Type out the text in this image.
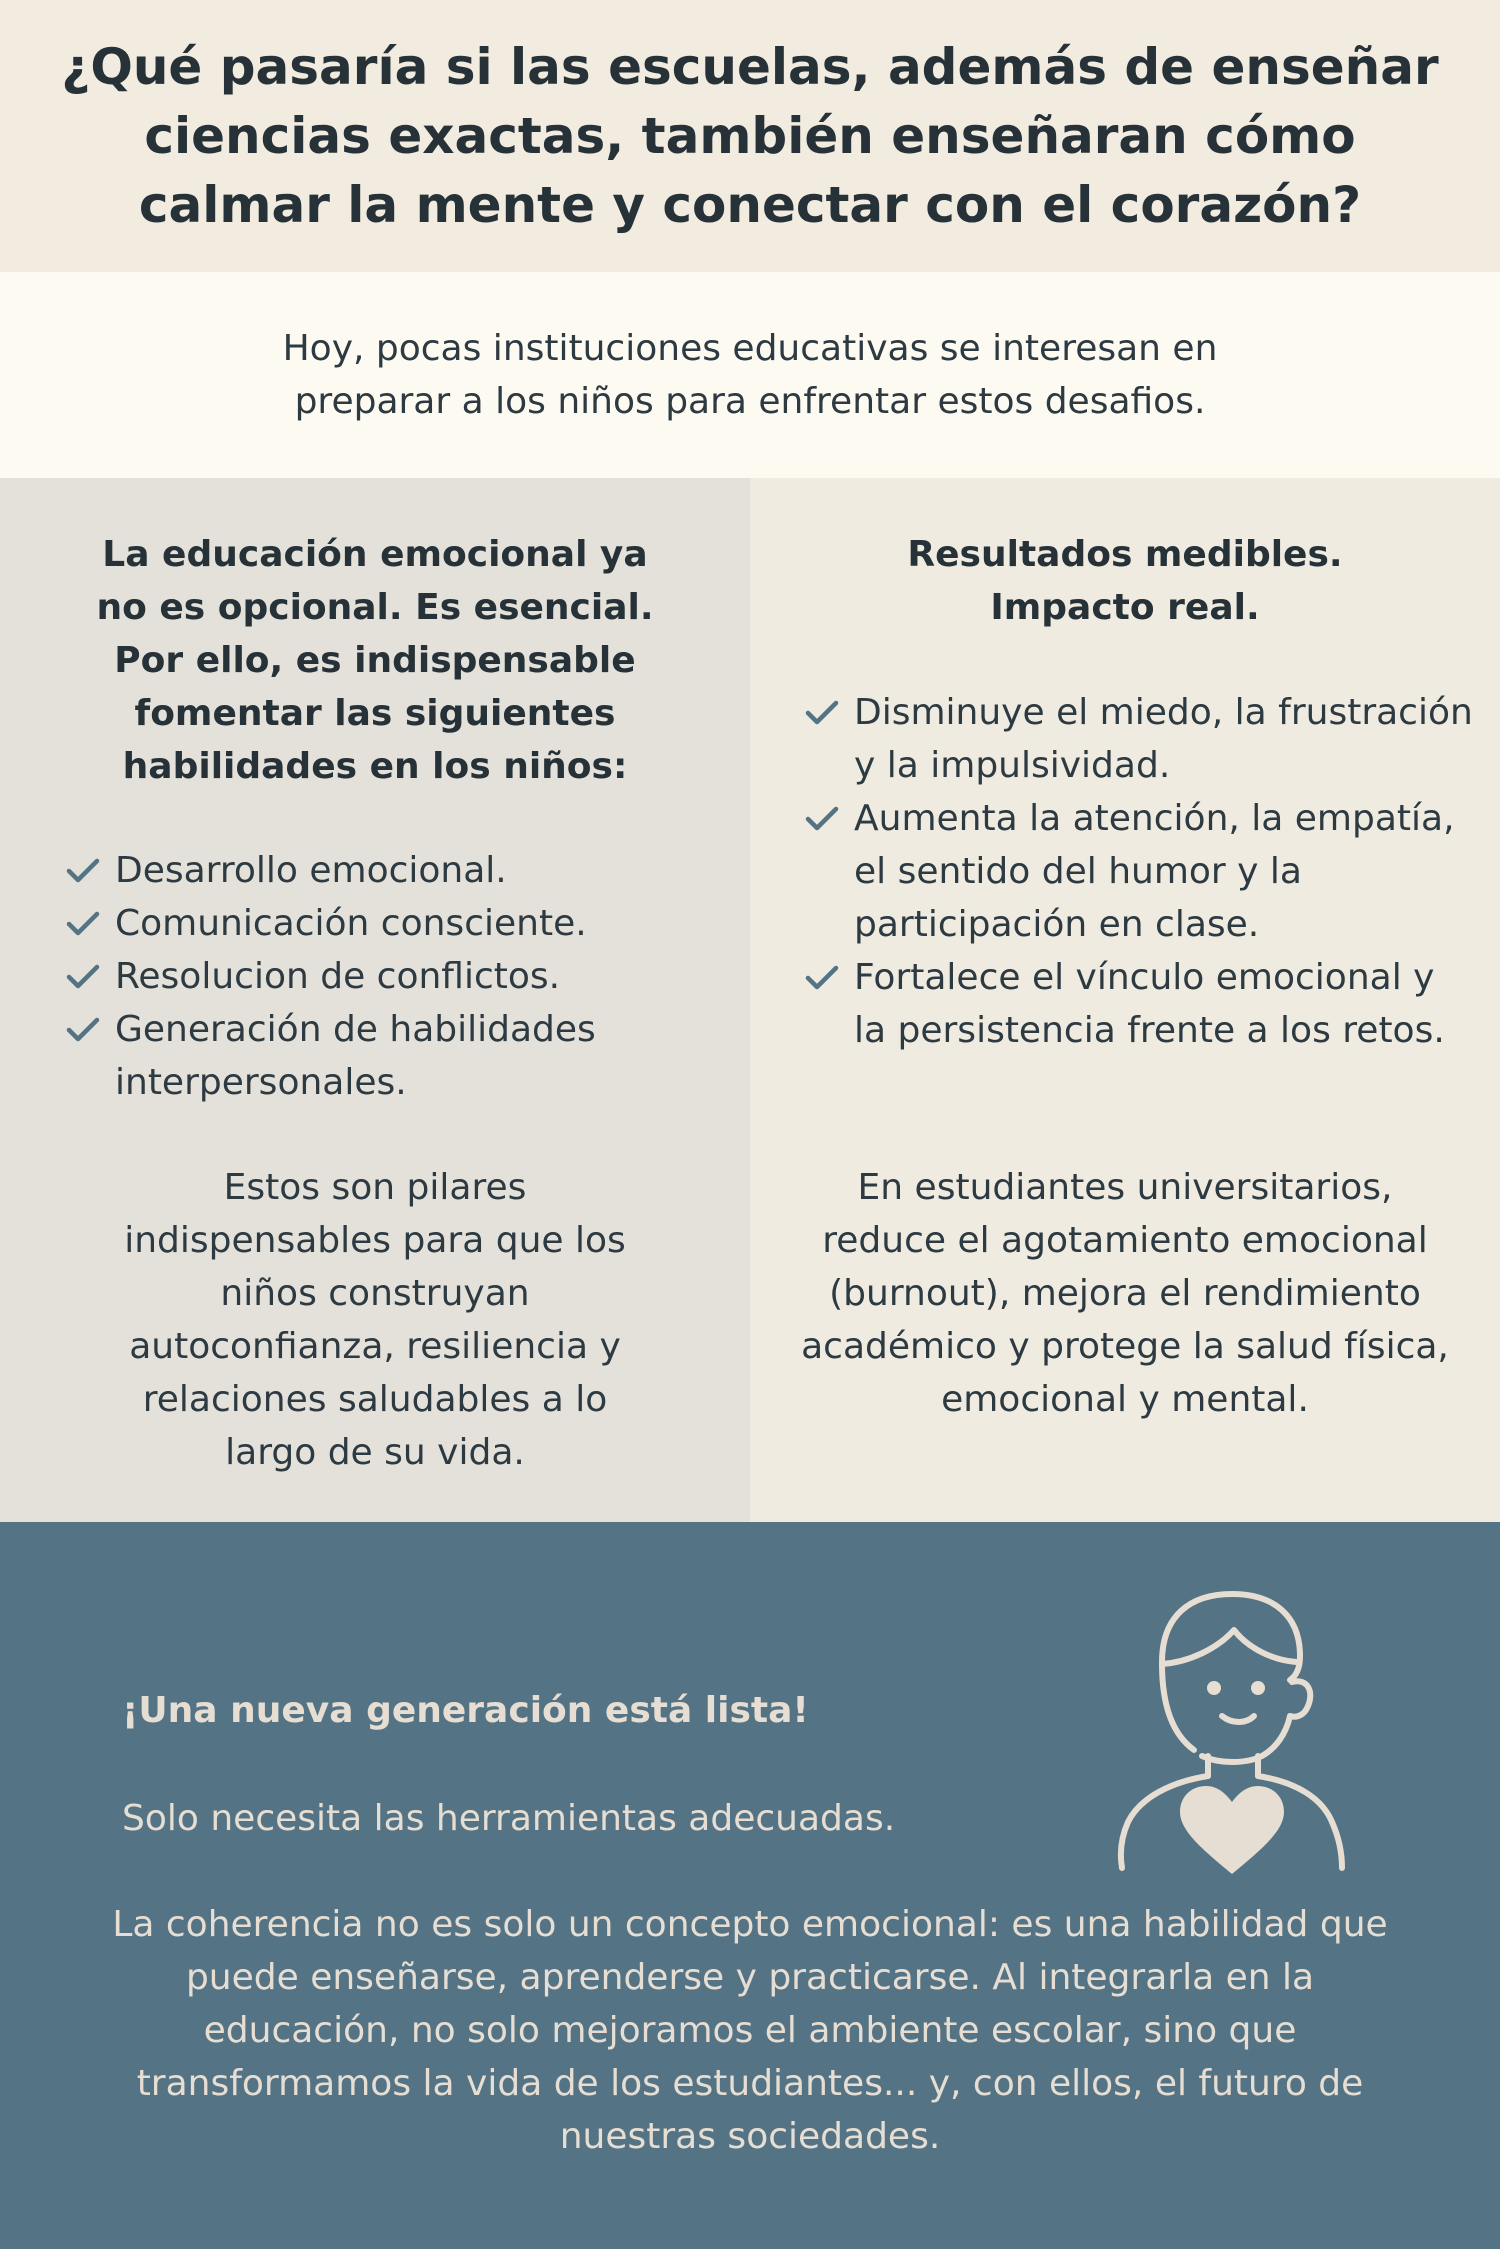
¿Qué pasaría si las escuelas, además de enseñar ciencias exactas, también enseñaran cómo calmar la mente y conectar con el corazón?

Hoy, pocas instituciones educativas se interesan en preparar a los niños para enfrentar estos desafios.

La educación emocional ya no es opcional. Es esencial. Por ello, es indispensable fomentar las siguientes habilidades en los niños:

Desarrollo emocional.
Comunicación consciente.
Resolucion de conflictos.
Generación de habilidades interpersonales.

Estos son pilares indispensables para que los niños construyan autoconfianza, resiliencia y relaciones saludables a lo largo de su vida.

Resultados medibles. Impacto real.

Disminuye el miedo, la frustración y la impulsividad.
Aumenta la atención, la empatía, el sentido del humor y la participación en clase.
Fortalece el vínculo emocional y la persistencia frente a los retos.

En estudiantes universitarios, reduce el agotamiento emocional (burnout), mejora el rendimiento académico y protege la salud física, emocional y mental.

¡Una nueva generación está lista!

Solo necesita las herramientas adecuadas.

La coherencia no es solo un concepto emocional: es una habilidad que puede enseñarse, aprenderse y practicarse. Al integrarla en la educación, no solo mejoramos el ambiente escolar, sino que transformamos la vida de los estudiantes... y, con ellos, el futuro de nuestras sociedades.
